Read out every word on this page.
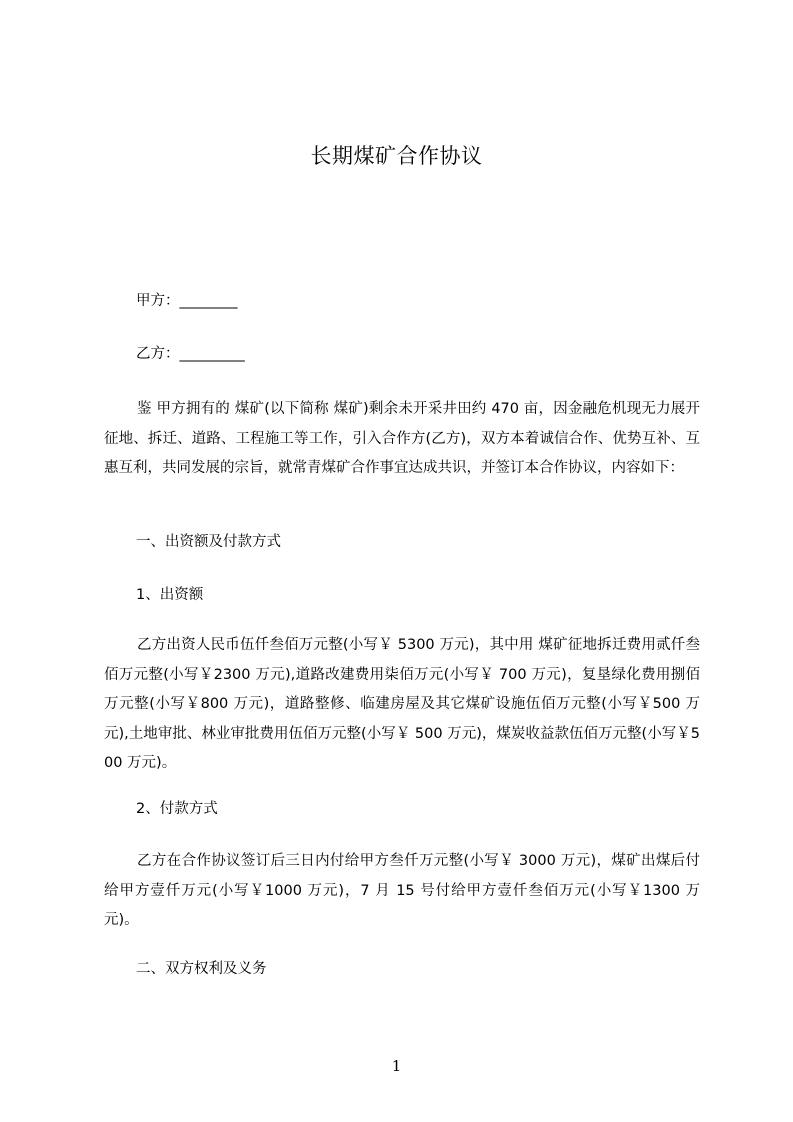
长期煤矿合作协议
甲方：________
乙方：_________
鉴 甲方拥有的 煤矿(以下简称 煤矿)剩余未开采井田约 470 亩，因金融危机现无力展开征地、拆迁、道路、工程施工等工作，引入合作方(乙方)，双方本着诚信合作、优势互补、互惠互利，共同发展的宗旨，就常青煤矿合作事宜达成共识，并签订本合作协议，内容如下：
一、出资额及付款方式
1、出资额
乙方出资人民币伍仟叁佰万元整(小写￥ 5300 万元)，其中用 煤矿征地拆迁费用贰仟叁佰万元整(小写￥2300 万元),道路改建费用柒佰万元(小写￥ 700 万元)，复垦绿化费用捌佰万元整(小写￥800 万元)，道路整修、临建房屋及其它煤矿设施伍佰万元整(小写￥500 万元),土地审批、林业审批费用伍佰万元整(小写￥ 500 万元)，煤炭收益款伍佰万元整(小写￥500 万元)。
2、付款方式
乙方在合作协议签订后三日内付给甲方叁仟万元整(小写￥ 3000 万元)，煤矿出煤后付给甲方壹仟万元(小写￥1000 万元)，7 月 15 号付给甲方壹仟叁佰万元(小写￥1300 万元)。
二、双方权利及义务
1
